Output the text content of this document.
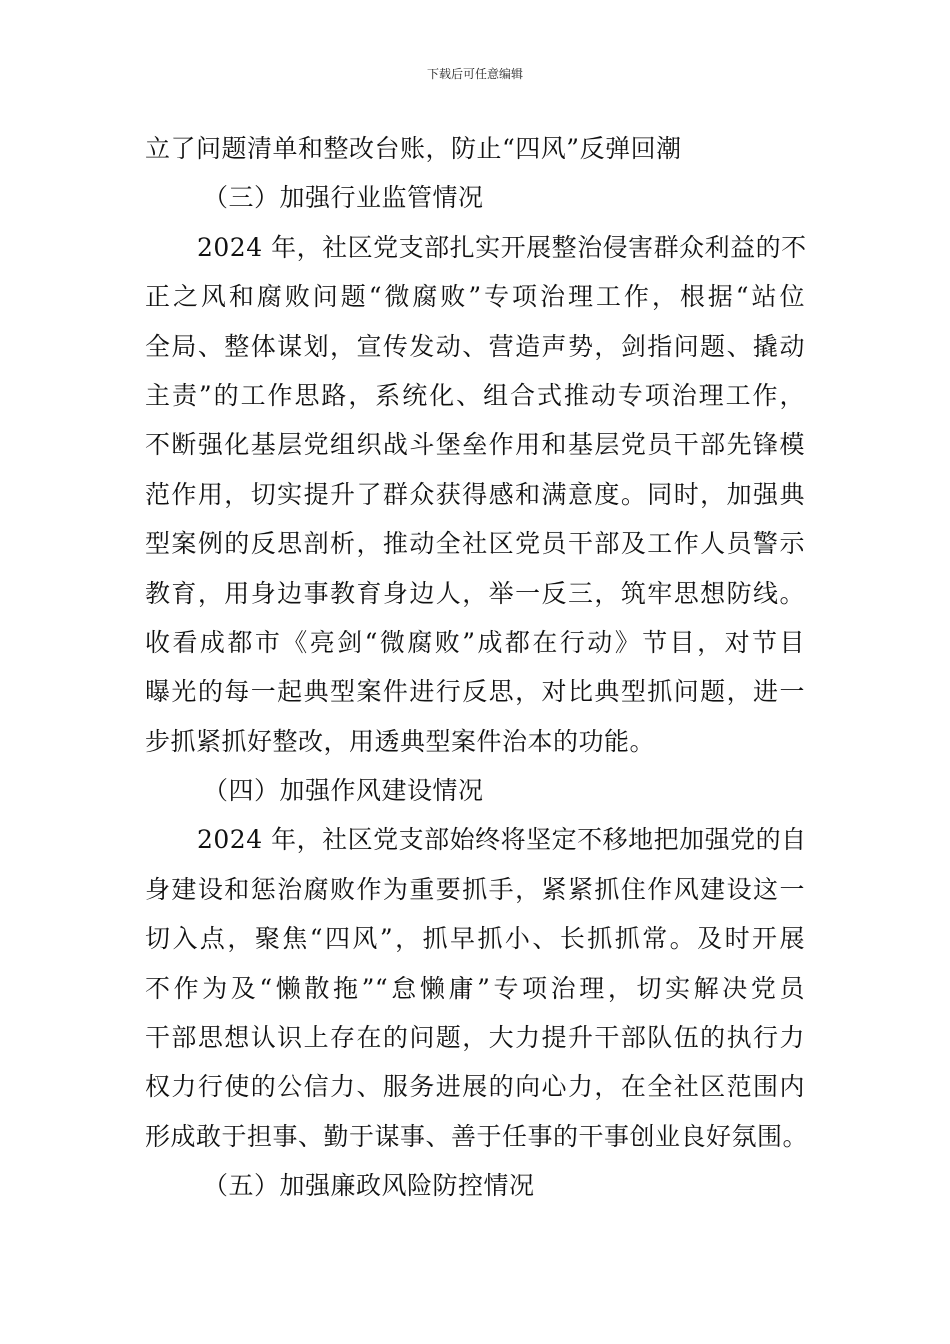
下载后可任意编辑
立了问题清单和整改台账，防止“四风”反弹回潮
（三）加强行业监管情况
2024 年，社区党支部扎实开展整治侵害群众利益的不
正之风和腐败问题“微腐败”专项治理工作，根据“站位
全局、整体谋划，宣传发动、营造声势，剑指问题、撬动
主责”的工作思路，系统化、组合式推动专项治理工作，
不断强化基层党组织战斗堡垒作用和基层党员干部先锋模
范作用，切实提升了群众获得感和满意度。同时，加强典
型案例的反思剖析，推动全社区党员干部及工作人员警示
教育，用身边事教育身边人，举一反三，筑牢思想防线。
收看成都市《亮剑“微腐败”成都在行动》节目，对节目
曝光的每一起典型案件进行反思，对比典型抓问题，进一
步抓紧抓好整改，用透典型案件治本的功能。
（四）加强作风建设情况
2024 年，社区党支部始终将坚定不移地把加强党的自
身建设和惩治腐败作为重要抓手，紧紧抓住作风建设这一
切入点，聚焦“四风”，抓早抓小、长抓抓常。及时开展
不作为及“懒散拖”“怠懒庸”专项治理，切实解决党员
干部思想认识上存在的问题，大力提升干部队伍的执行力
权力行使的公信力、服务进展的向心力，在全社区范围内
形成敢于担事、勤于谋事、善于任事的干事创业良好氛围。
（五）加强廉政风险防控情况
